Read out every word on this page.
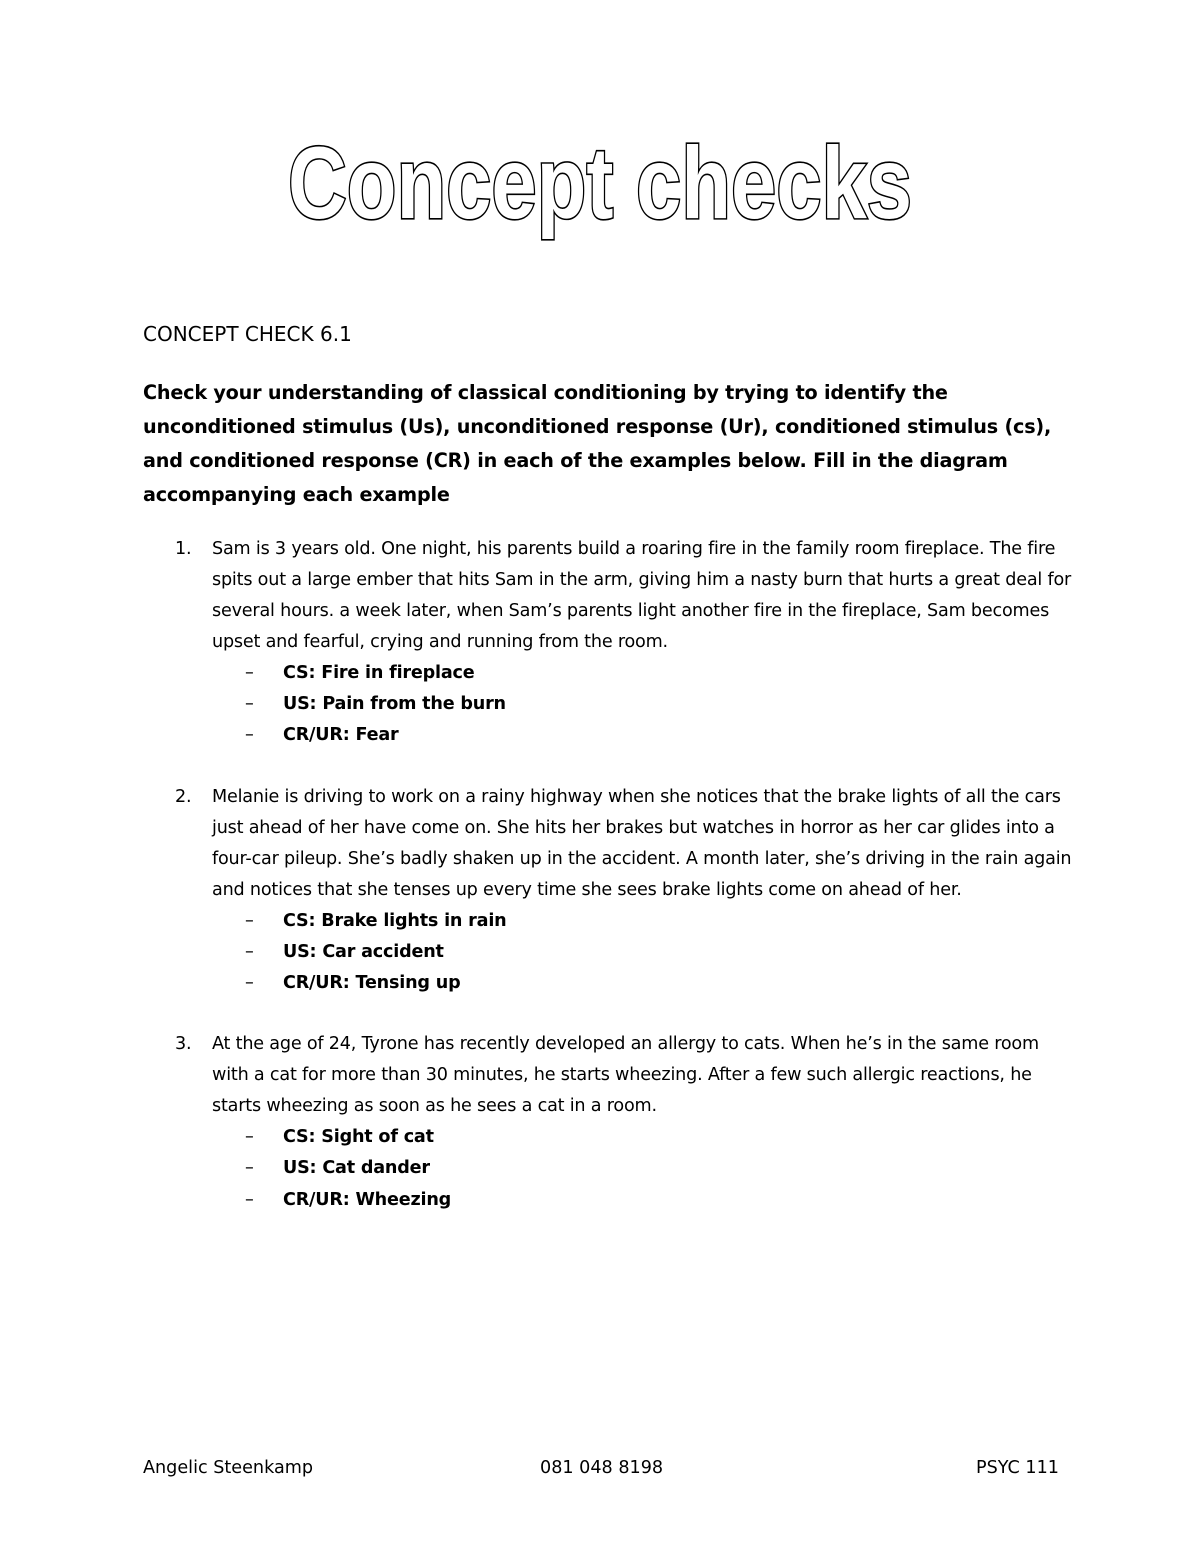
Concept checks
CONCEPT CHECK 6.1
Check your understanding of classical conditioning by trying to identify the unconditioned stimulus (Us), unconditioned response (Ur), conditioned stimulus (cs), and conditioned response (CR) in each of the examples below. Fill in the diagram accompanying each example
1. Sam is 3 years old. One night, his parents build a roaring fire in the family room fireplace. The fire spits out a large ember that hits Sam in the arm, giving him a nasty burn that hurts a great deal for several hours. a week later, when Sam’s parents light another fire in the fireplace, Sam becomes upset and fearful, crying and running from the room.
– CS: Fire in fireplace
– US: Pain from the burn
– CR/UR: Fear
2. Melanie is driving to work on a rainy highway when she notices that the brake lights of all the cars just ahead of her have come on. She hits her brakes but watches in horror as her car glides into a four-car pileup. She’s badly shaken up in the accident. A month later, she’s driving in the rain again and notices that she tenses up every time she sees brake lights come on ahead of her.
– CS: Brake lights in rain
– US: Car accident
– CR/UR: Tensing up
3. At the age of 24, Tyrone has recently developed an allergy to cats. When he’s in the same room with a cat for more than 30 minutes, he starts wheezing. After a few such allergic reactions, he starts wheezing as soon as he sees a cat in a room.
– CS: Sight of cat
– US: Cat dander
– CR/UR: Wheezing
Angelic Steenkamp	081 048 8198	PSYC 111
